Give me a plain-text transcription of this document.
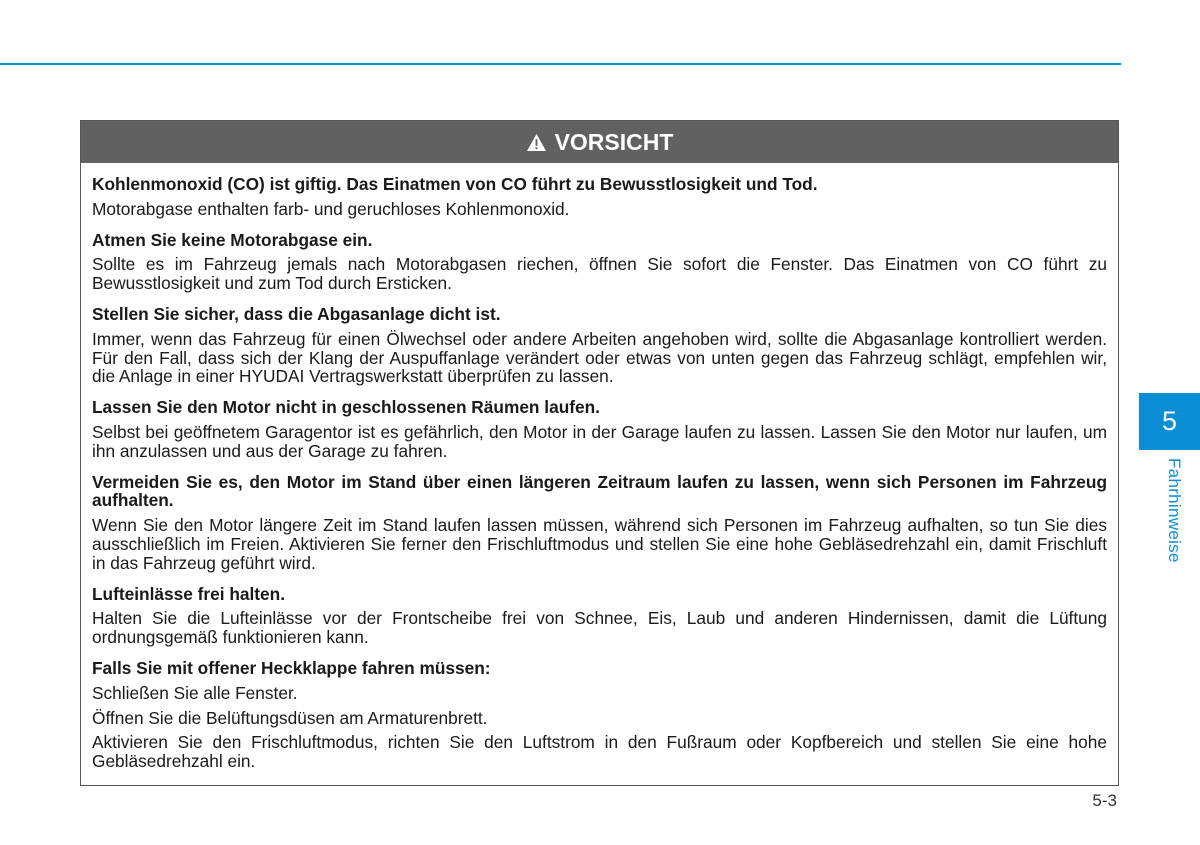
VORSICHT

Kohlenmonoxid (CO) ist giftig. Das Einatmen von CO führt zu Bewusstlosigkeit und Tod.

Motorabgase enthalten farb- und geruchloses Kohlenmonoxid.

Atmen Sie keine Motorabgase ein.

Sollte es im Fahrzeug jemals nach Motorabgasen riechen, öffnen Sie sofort die Fenster. Das Einatmen von CO führt zu Bewusstlosigkeit und zum Tod durch Ersticken.

Stellen Sie sicher, dass die Abgasanlage dicht ist.

Immer, wenn das Fahrzeug für einen Ölwechsel oder andere Arbeiten angehoben wird, sollte die Abgasanlage kontrolliert werden. Für den Fall, dass sich der Klang der Auspuffanlage verändert oder etwas von unten gegen das Fahrzeug schlägt, empfehlen wir, die Anlage in einer HYUDAI Vertragswerkstatt überprüfen zu lassen.

Lassen Sie den Motor nicht in geschlossenen Räumen laufen.

Selbst bei geöffnetem Garagentor ist es gefährlich, den Motor in der Garage laufen zu lassen. Lassen Sie den Motor nur laufen, um ihn anzulassen und aus der Garage zu fahren.

Vermeiden Sie es, den Motor im Stand über einen längeren Zeitraum laufen zu lassen, wenn sich Personen im Fahrzeug aufhalten.

Wenn Sie den Motor längere Zeit im Stand laufen lassen müssen, während sich Personen im Fahrzeug aufhalten, so tun Sie dies ausschließlich im Freien. Aktivieren Sie ferner den Frischluftmodus und stellen Sie eine hohe Gebläsedrehzahl ein, damit Frischluft in das Fahrzeug geführt wird.

Lufteinlässe frei halten.

Halten Sie die Lufteinlässe vor der Frontscheibe frei von Schnee, Eis, Laub und anderen Hindernissen, damit die Lüftung ordnungsgemäß funktionieren kann.

Falls Sie mit offener Heckklappe fahren müssen:

Schließen Sie alle Fenster.

Öffnen Sie die Belüftungsdüsen am Armaturenbrett.

Aktivieren Sie den Frischluftmodus, richten Sie den Luftstrom in den Fußraum oder Kopfbereich und stellen Sie eine hohe Gebläsedrehzahl ein.

5
Fahrhinweise
5-3
